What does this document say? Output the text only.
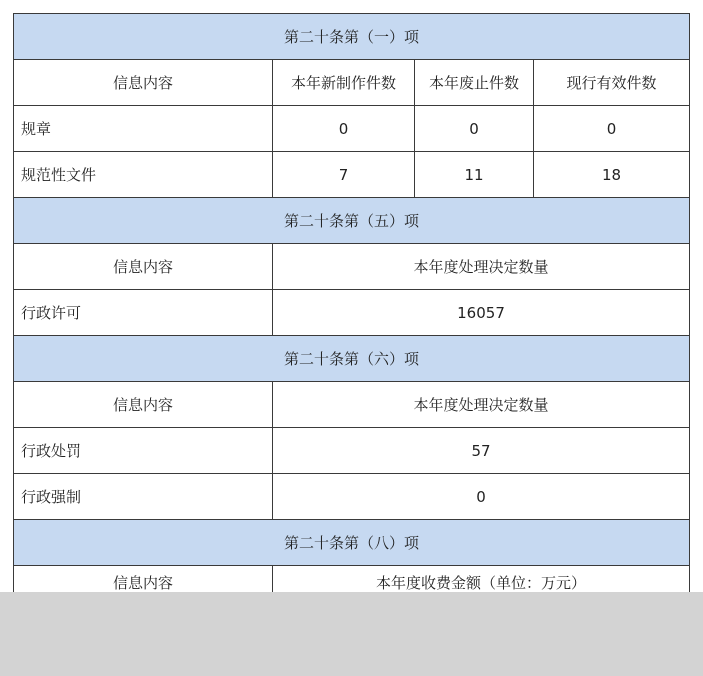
第二十条第（一）项			
信息内容	本年新制作件数	本年废止件数	现行有效件数
规章	0	0	0
规范性文件	7	11	18
第二十条第（五）项			
信息内容	本年度处理决定数量		
行政许可	16057		
第二十条第（六）项			
信息内容	本年度处理决定数量		
行政处罚	57		
行政强制	0		
第二十条第（八）项			
信息内容	本年度收费金额（单位：万元）		
